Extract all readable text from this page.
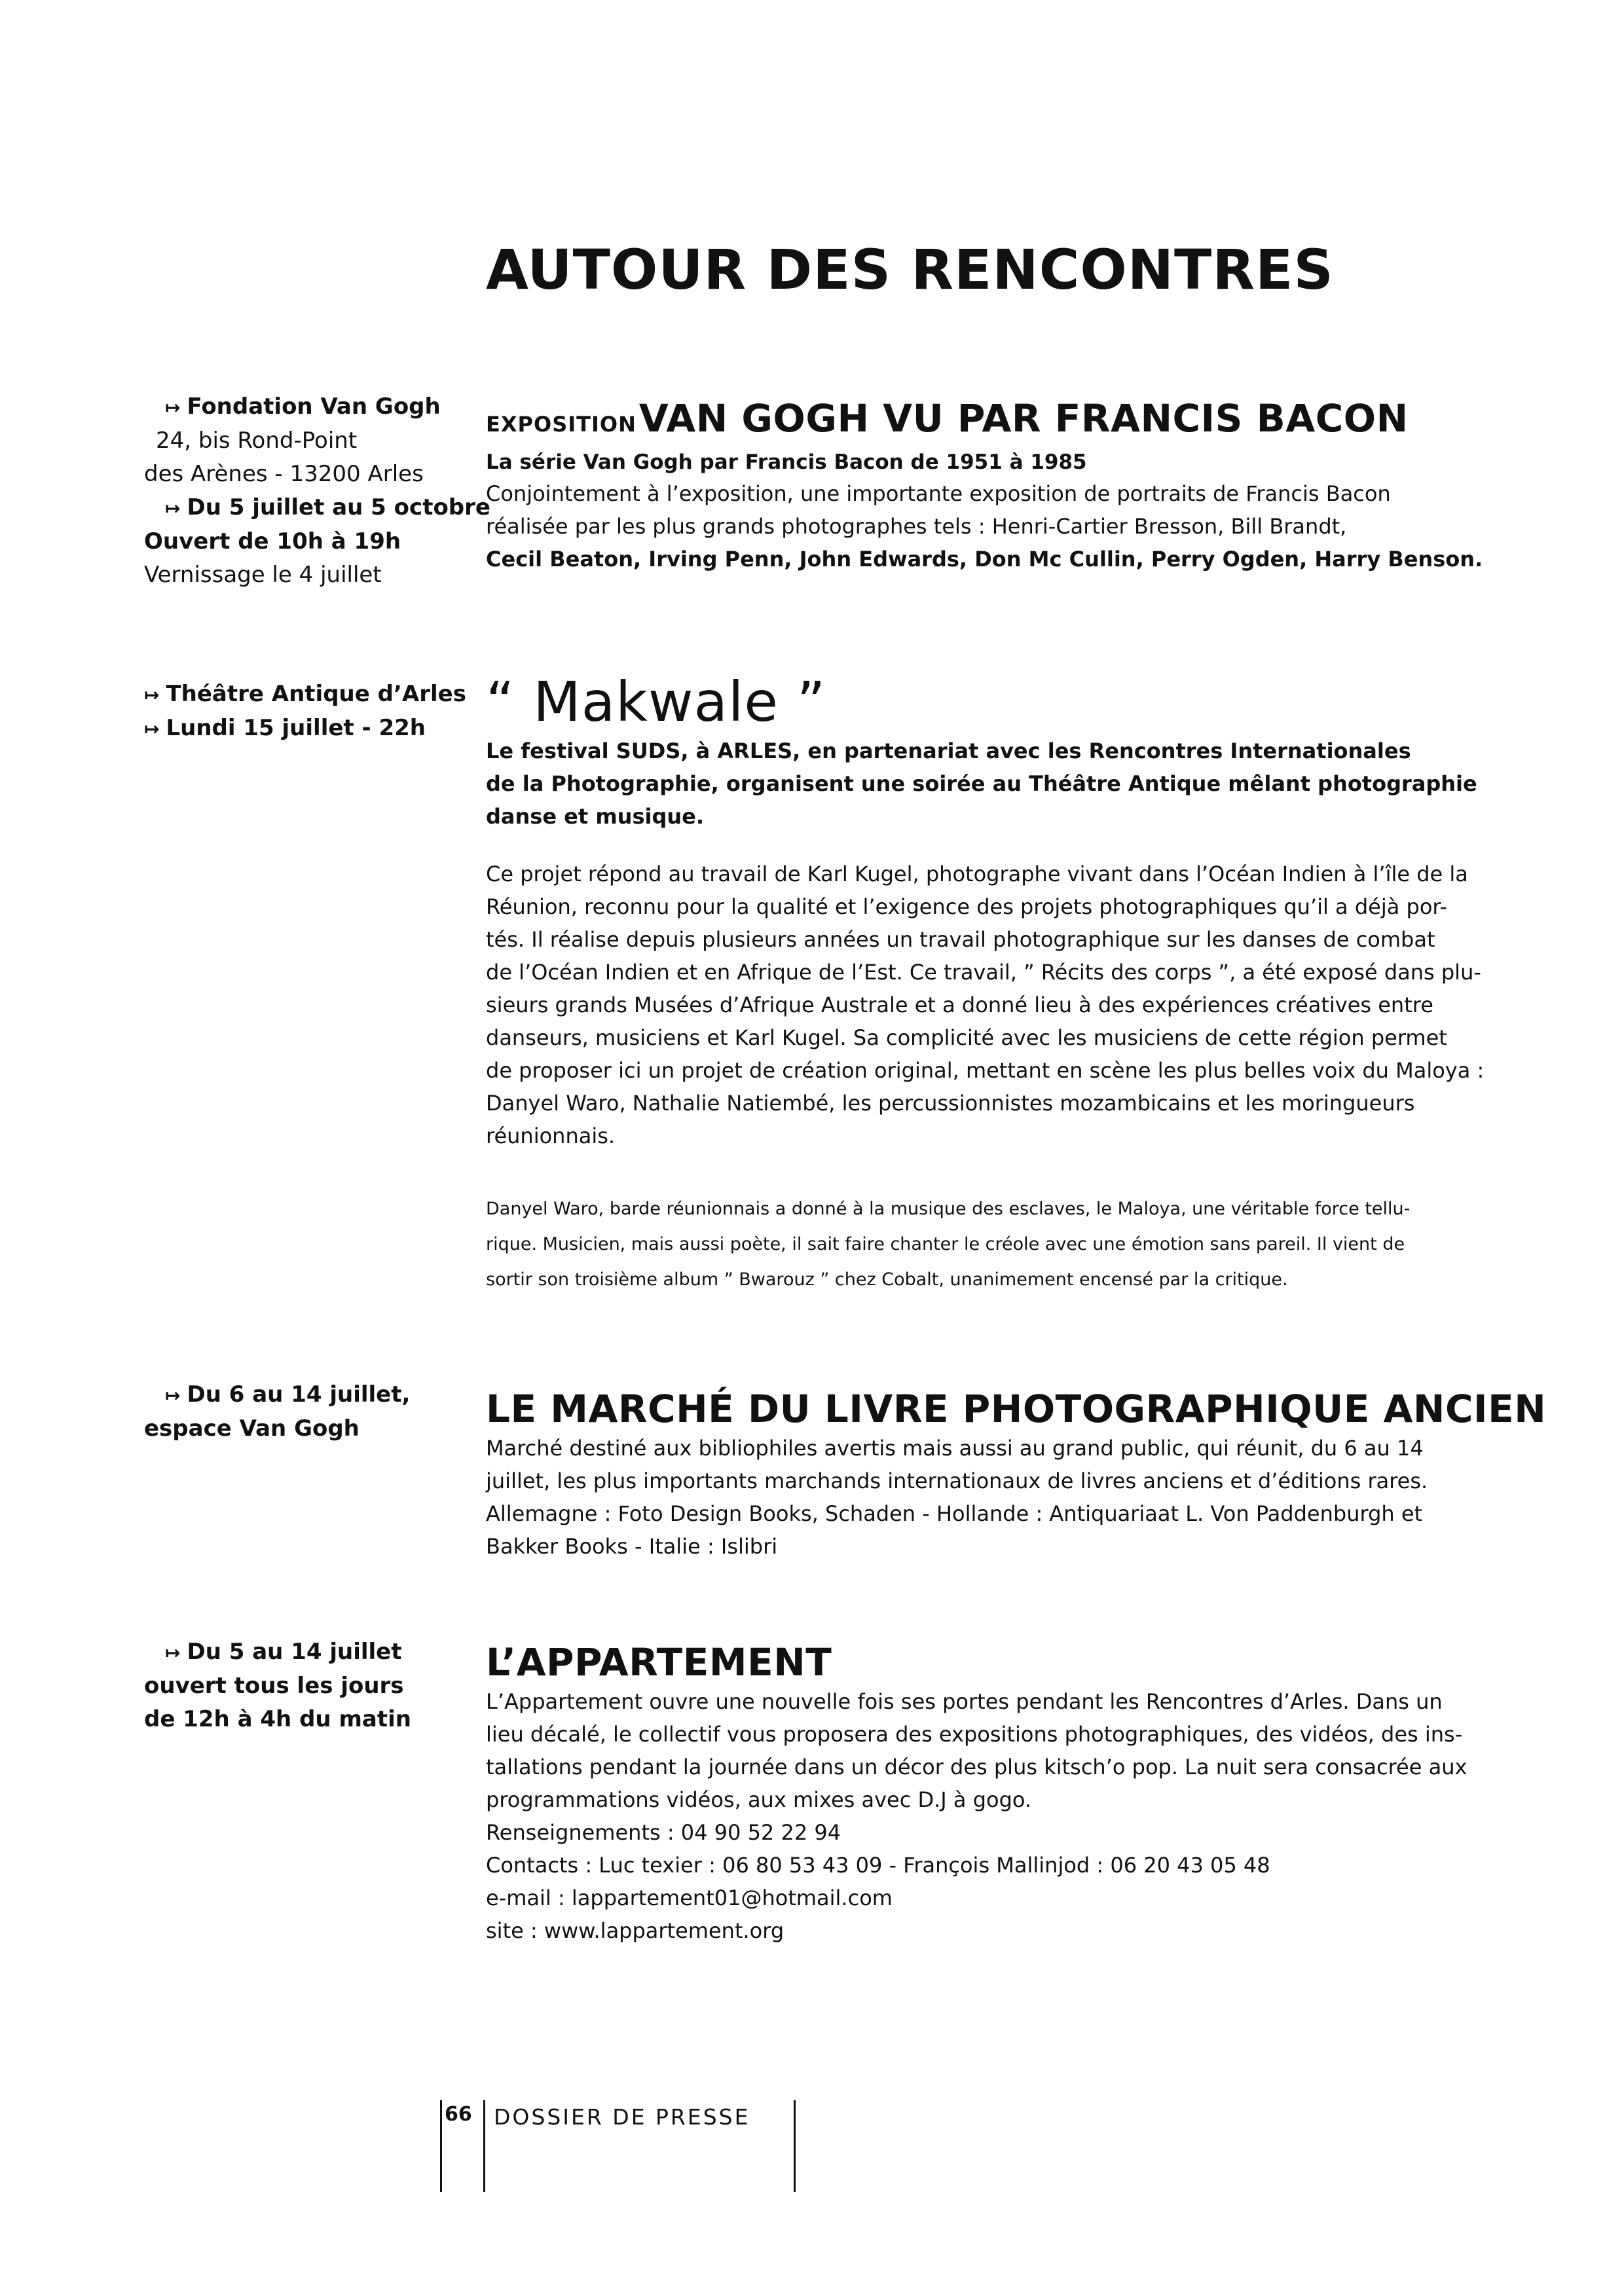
AUTOUR DES RENCONTRES
↦ Fondation Van Gogh
24, bis Rond-Point
des Arènes - 13200 Arles
↦ Du 5 juillet au 5 octobre
Ouvert de 10h à 19h
Vernissage le 4 juillet
EXPOSITIONVAN GOGH VU PAR FRANCIS BACON
La série Van Gogh par Francis Bacon de 1951 à 1985
Conjointement à l’exposition, une importante exposition de portraits de Francis Bacon
réalisée par les plus grands photographes tels : Henri-Cartier Bresson, Bill Brandt,
Cecil Beaton, Irving Penn, John Edwards, Don Mc Cullin, Perry Ogden, Harry Benson.
↦ Théâtre Antique d’Arles
↦ Lundi 15 juillet - 22h	“ Makwale ”
Le festival SUDS, à ARLES, en partenariat avec les Rencontres Internationales
de la Photographie, organisent une soirée au Théâtre Antique mêlant photographie
danse et musique.
Ce projet répond au travail de Karl Kugel, photographe vivant dans l’Océan Indien à l’île de la
Réunion, reconnu pour la qualité et l’exigence des projets photographiques qu’il a déjà por-
tés. Il réalise depuis plusieurs années un travail photographique sur les danses de combat
de l’Océan Indien et en Afrique de l’Est. Ce travail, ” Récits des corps ”, a été exposé dans plu-
sieurs grands Musées d’Afrique Australe et a donné lieu à des expériences créatives entre
danseurs, musiciens et Karl Kugel. Sa complicité avec les musiciens de cette région permet
de proposer ici un projet de création original, mettant en scène les plus belles voix du Maloya :
Danyel Waro, Nathalie Natiembé, les percussionnistes mozambicains et les moringueurs
réunionnais.
Danyel Waro, barde réunionnais a donné à la musique des esclaves, le Maloya, une véritable force tellu-
rique. Musicien, mais aussi poète, il sait faire chanter le créole avec une émotion sans pareil. Il vient de
sortir son troisième album ” Bwarouz ” chez Cobalt, unanimement encensé par la critique.
↦ Du 6 au 14 juillet,
espace Van Gogh	LE MARCHÉ DU LIVRE PHOTOGRAPHIQUE ANCIEN
Marché destiné aux bibliophiles avertis mais aussi au grand public, qui réunit, du 6 au 14
juillet, les plus importants marchands internationaux de livres anciens et d’éditions rares.
Allemagne : Foto Design Books, Schaden - Hollande : Antiquariaat L. Von Paddenburgh et
Bakker Books - Italie : Islibri
↦ Du 5 au 14 juillet
ouvert tous les jours
de 12h à 4h du matin
L’APPARTEMENT
L’Appartement ouvre une nouvelle fois ses portes pendant les Rencontres d’Arles. Dans un
lieu décalé, le collectif vous proposera des expositions photographiques, des vidéos, des ins-
tallations pendant la journée dans un décor des plus kitsch’o pop. La nuit sera consacrée aux
programmations vidéos, aux mixes avec D.J à gogo.
Renseignements : 04 90 52 22 94
Contacts : Luc texier : 06 80 53 43 09 - François Mallinjod : 06 20 43 05 48
e-mail : lappartement01@hotmail.com
site : www.lappartement.org
66 DOSSIER DE PRESSE
